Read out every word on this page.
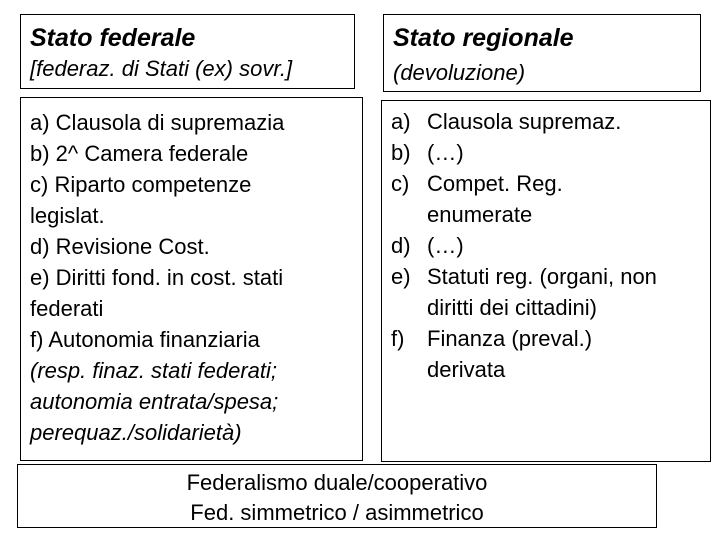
Stato federale
[federaz. di Stati (ex) sovr.]
Stato regionale
(devoluzione)
a) Clausola di supremazia
b) 2^ Camera federale
c) Riparto competenze
legislat.
d) Revisione Cost.
e) Diritti fond. in cost. stati
federati
f) Autonomia finanziaria
(resp. finaz. stati federati;
autonomia entrata/spesa;
perequaz./solidarietà)
a) Clausola supremaz.
b) (…)
c) Compet. Reg.
enumerate
d) (…)
e) Statuti reg. (organi, non
diritti dei cittadini)
f)	Finanza (preval.)
derivata
Federalismo duale/cooperativo
Fed. simmetrico / asimmetrico
